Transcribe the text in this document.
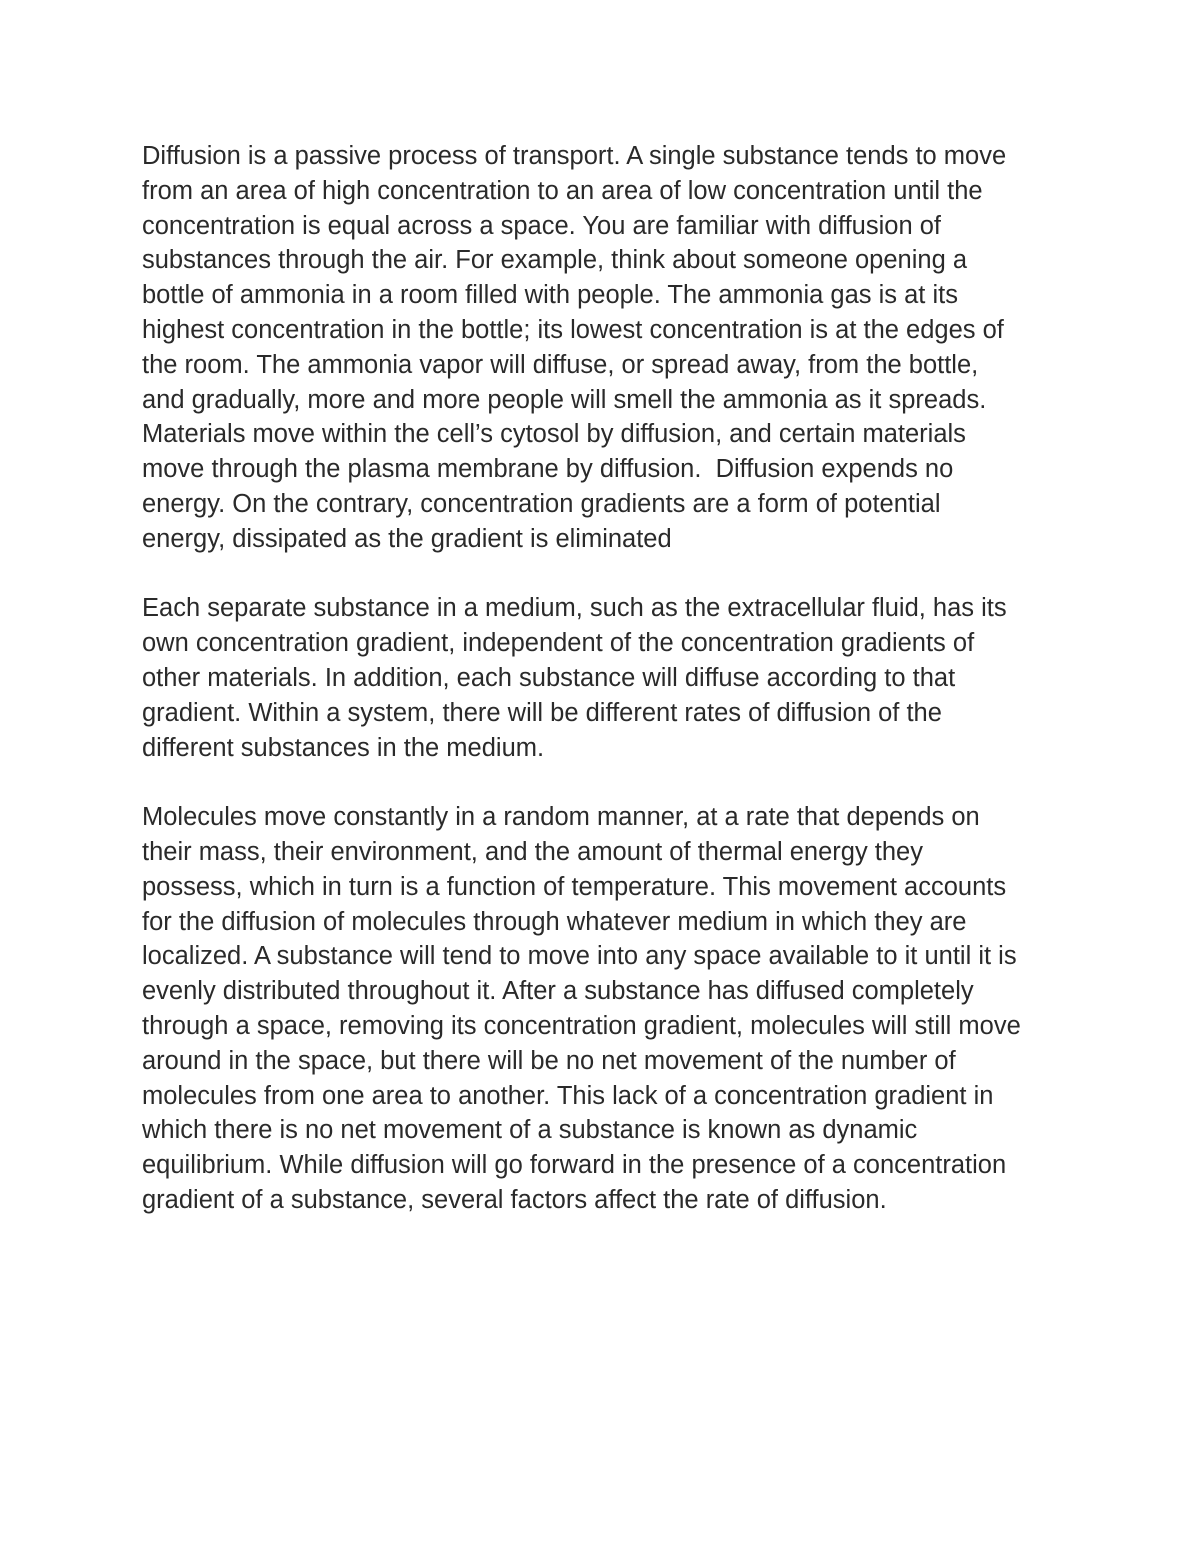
Diffusion is a passive process of transport. A single substance tends to move
from an area of high concentration to an area of low concentration until the
concentration is equal across a space. You are familiar with diffusion of
substances through the air. For example, think about someone opening a
bottle of ammonia in a room filled with people. The ammonia gas is at its
highest concentration in the bottle; its lowest concentration is at the edges of
the room. The ammonia vapor will diffuse, or spread away, from the bottle,
and gradually, more and more people will smell the ammonia as it spreads.
Materials move within the cell’s cytosol by diffusion, and certain materials
move through the plasma membrane by diffusion.  Diffusion expends no
energy. On the contrary, concentration gradients are a form of potential
energy, dissipated as the gradient is eliminated
Each separate substance in a medium, such as the extracellular fluid, has its
own concentration gradient, independent of the concentration gradients of
other materials. In addition, each substance will diffuse according to that
gradient. Within a system, there will be different rates of diffusion of the
different substances in the medium.
Molecules move constantly in a random manner, at a rate that depends on
their mass, their environment, and the amount of thermal energy they
possess, which in turn is a function of temperature. This movement accounts
for the diffusion of molecules through whatever medium in which they are
localized. A substance will tend to move into any space available to it until it is
evenly distributed throughout it. After a substance has diffused completely
through a space, removing its concentration gradient, molecules will still move
around in the space, but there will be no net movement of the number of
molecules from one area to another. This lack of a concentration gradient in
which there is no net movement of a substance is known as dynamic
equilibrium. While diffusion will go forward in the presence of a concentration
gradient of a substance, several factors affect the rate of diffusion.
